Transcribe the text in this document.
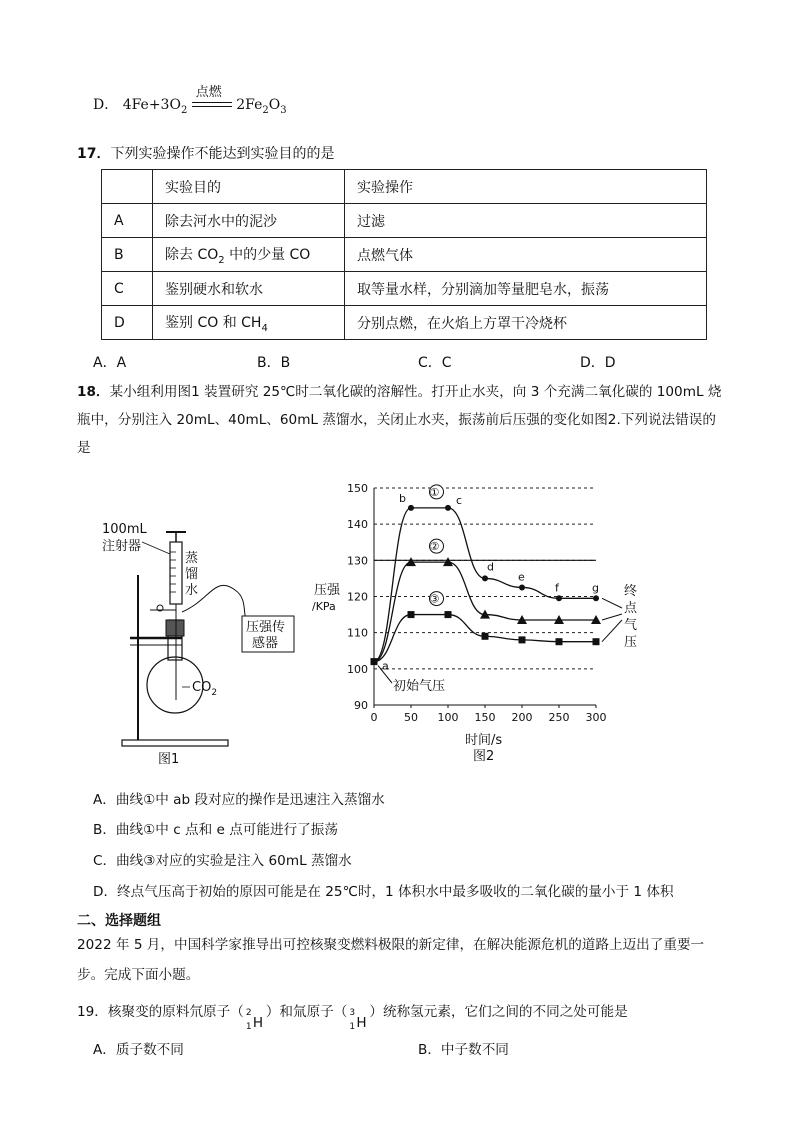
D． $4Fe+3O_2$
点燃
$2Fe_2O_3$
17．下列实验操作不能达到实验目的的是
	实验目的	实验操作
A	除去河水中的泥沙	过滤
B	除去 $CO_2$ 中的少量 CO	点燃气体
C	鉴别硬水和软水	取等量水样，分别滴加等量肥皂水，振荡
D	鉴别 CO 和 $CH_4$	分别点燃，在火焰上方罩干冷烧杯
A．A	B．B	C．C	D．D
18．某小组利用图1 装置研究 25℃时二氧化碳的溶解性。打开止水夹，向 3 个充满二氧化碳的 100mL 烧
瓶中，分别注入 20mL、40mL、60mL 蒸馏水，关闭止水夹，振荡前后压强的变化如图2.下列说法错误的
是
压强传
感器
100mL
注射器
蒸
馏
水
$CO_2$
图1
压强
/KPa
90
100
110
120
130
140
150
0 50 100 150 200 250 300
①
②
③
a
b	c
d
e
f	g
时间/s
图2
初始气压
终
点
气
压
A．曲线①中 ab 段对应的操作是迅速注入蒸馏水
B．曲线①中 c 点和 e 点可能进行了振荡
C．曲线③对应的实验是注入 60mL 蒸馏水
D．终点气压高于初始的原因可能是在 25℃时，1 体积水中最多吸收的二氧化碳的量小于 1 体积
二、选择题组
2022 年 5 月，中国科学家推导出可控核聚变燃料极限的新定律，在解决能源危机的道路上迈出了重要一
步。完成下面小题。
19．核聚变的原料氘原子（ 2
1 H
）和氚原子（ 3
1 H
）统称氢元素，它们之间的不同之处可能是
A．质子数不同	B．中子数不同
